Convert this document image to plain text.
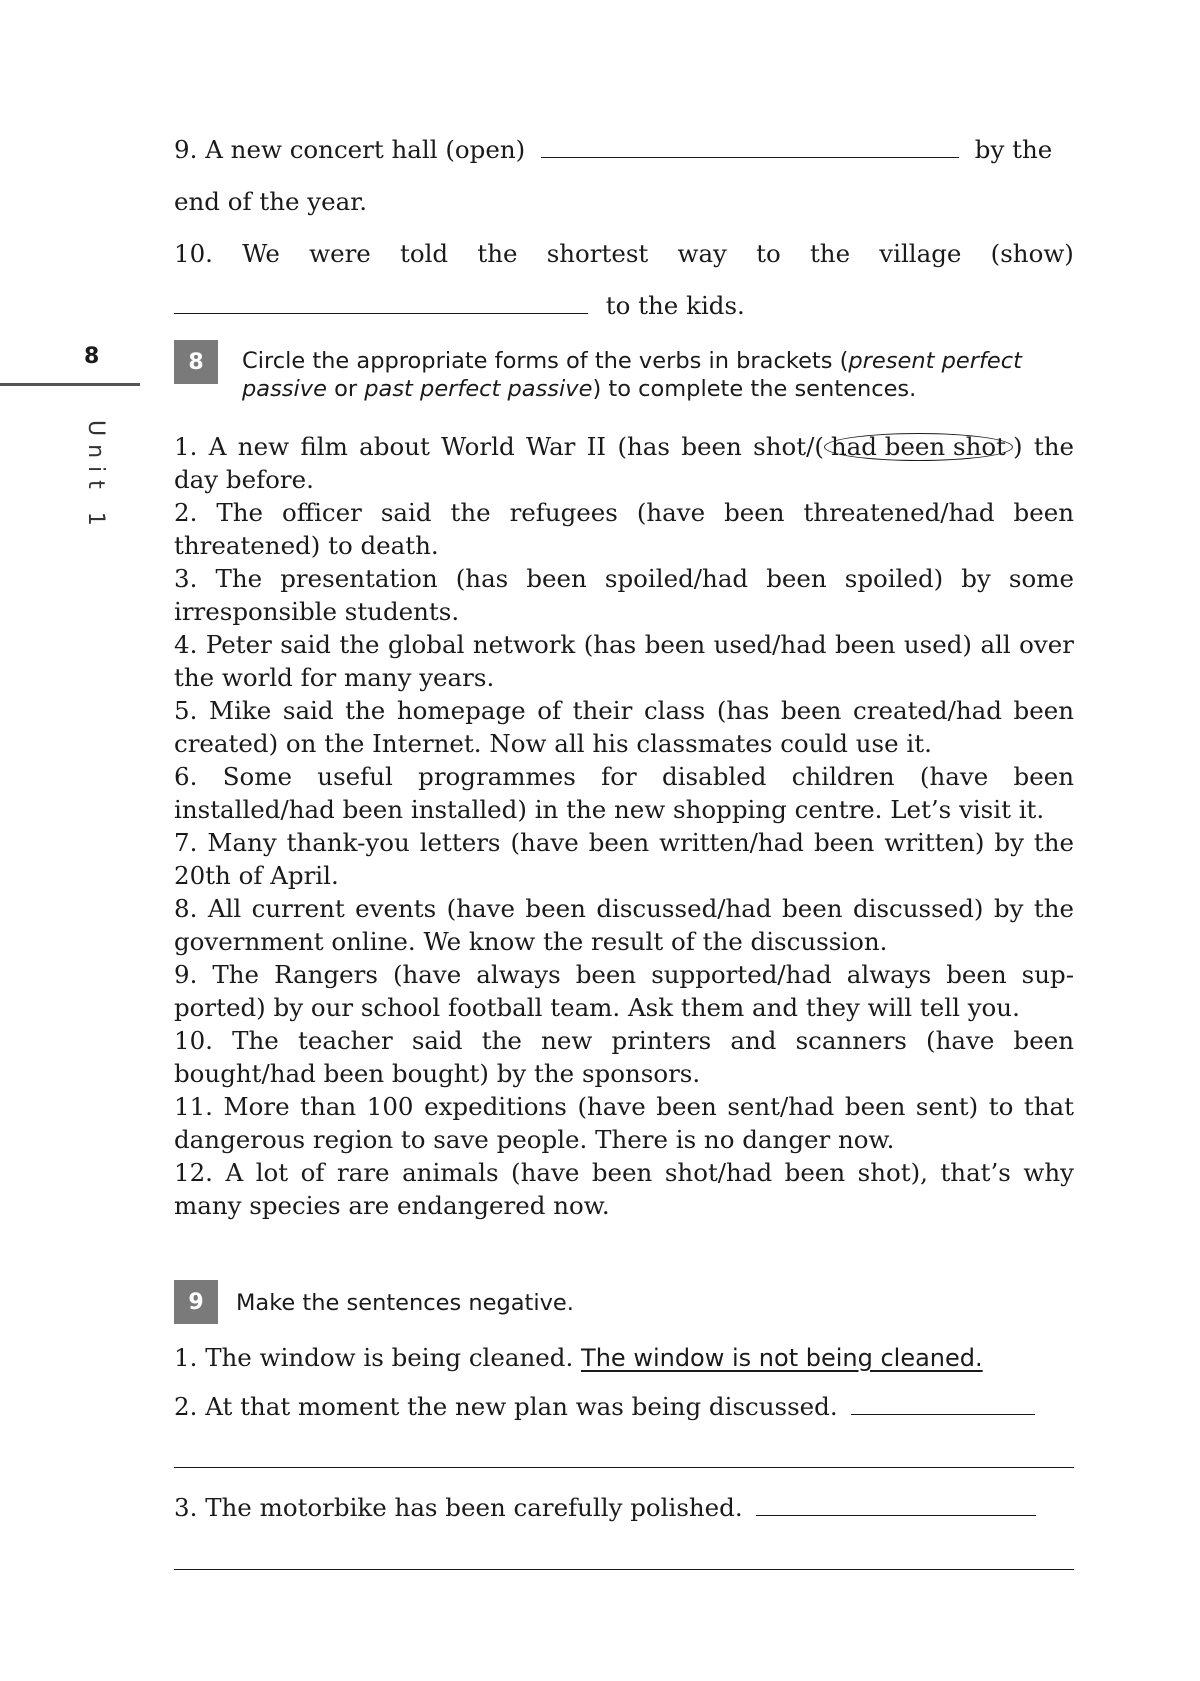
9. A new concert hall (open)	by the
end of the year.
10. We were told the shortest way to the village (show)
to the kids.
8
Unit 1
8	Circle the appropriate forms of the verbs in brackets (present perfect passive or past perfect passive) to complete the sentences.
1. A new film about World War II (has been shot/( had been shot ) the day before.
2. The officer said the refugees (have been threatened/had been threatened) to death.
3. The presentation (has been spoiled/had been spoiled) by some irresponsible students.
4. Peter said the global network (has been used/had been used) all over the world for many years.
5. Mike said the homepage of their class (has been created/had been created) on the Internet. Now all his classmates could use it.
6. Some useful programmes for disabled children (have been installed/had been installed) in the new shopping centre. Let’s visit it.
7. Many thank-you letters (have been written/had been written) by the 20th of April.
8. All current events (have been discussed/had been discussed) by the government online. We know the result of the discussion.
9. The Rangers (have always been supported/had always been sup-ported) by our school football team. Ask them and they will tell you.
10. The teacher said the new printers and scanners (have been bought/had been bought) by the sponsors.
11. More than 100 expeditions (have been sent/had been sent) to that dangerous region to save people. There is no danger now.
12. A lot of rare animals (have been shot/had been shot), that’s why many species are endangered now.
9	Make the sentences negative.
1. The window is being cleaned. The window is not being cleaned.
2. At that moment the new plan was being discussed.
3. The motorbike has been carefully polished.
